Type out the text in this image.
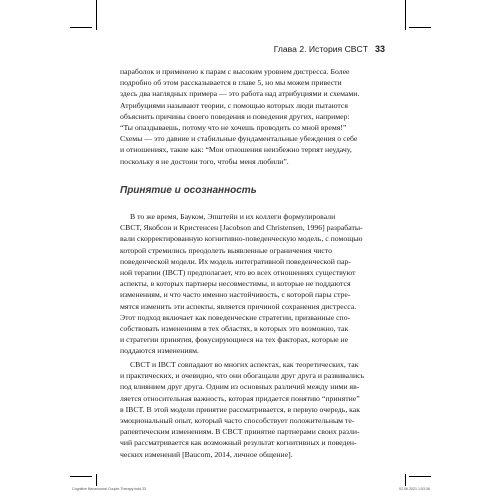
Глава 2. История CBCT 33
параболок и применено к парам с высоким уровнем дистресса. Более
подробно об этом рассказывается в главе 5, но мы можем привести
здесь два наглядных примера — это работа над атрибуциями и схемами.
Атрибуциями называют теории, с помощью которых люди пытаются
объяснить причины своего поведения и поведения других, например:
“Ты опаздываешь, потому что не хочешь проводить со мной время!”
Схемы — это давние и стабильные фундаментальные убеждения о себе
и отношениях, такие как: “Мои отношения неизбежно терпят неудачу,
поскольку я не достоин того, чтобы меня любили”.
Принятие и осознанность
В то же время, Бауком, Эпштейн и их коллеги формулировали
CBCT, Якобсон и Кристенсен [Jacobson and Christensen, 1996] разрабаты-
вали скорректированную когнитивно-поведенческую модель, с помощью
которой стремились преодолеть выявленные ограничения чисто
поведенческой модели. Их модель интегративной поведенческой пар-
ной терапии (IBCT) предполагает, что во всех отношениях существуют
аспекты, в которых партнеры несовместимы, и которые не поддаются
изменениям, и что часто именно настойчивость, с которой пары стре-
мятся изменить эти аспекты, является причиной сохранения дистресса.
Этот подход включает как поведенческие стратегии, призванные спо-
собствовать изменениям в тех областях, в которых это возможно, так
и стратегии принятия, фокусирующиеся на тех факторах, которые не
поддаются изменениям.
CBCT и IBCT совпадают во многих аспектах, как теоретических, так
и практических, и очевидно, что они обогащали друг друга и развивались
под влиянием друг друга. Одним из основных различий между ними яв-
ляется относительная важность, которая придается понятию “принятие”
в IBCT. В этой модели принятие рассматривается, в первую очередь, как
эмоциональный опыт, который часто способствует положительным те-
рапевтическим изменениям. В CBCT принятие партнерами своих разли-
чий рассматривается как возможный результат когнитивных и поведен-
ческих изменений [Baucom, 2014, личное общение].
Cognitive Behavioural Couple Therapy.indd 33	02.06.2021 1:53:36
